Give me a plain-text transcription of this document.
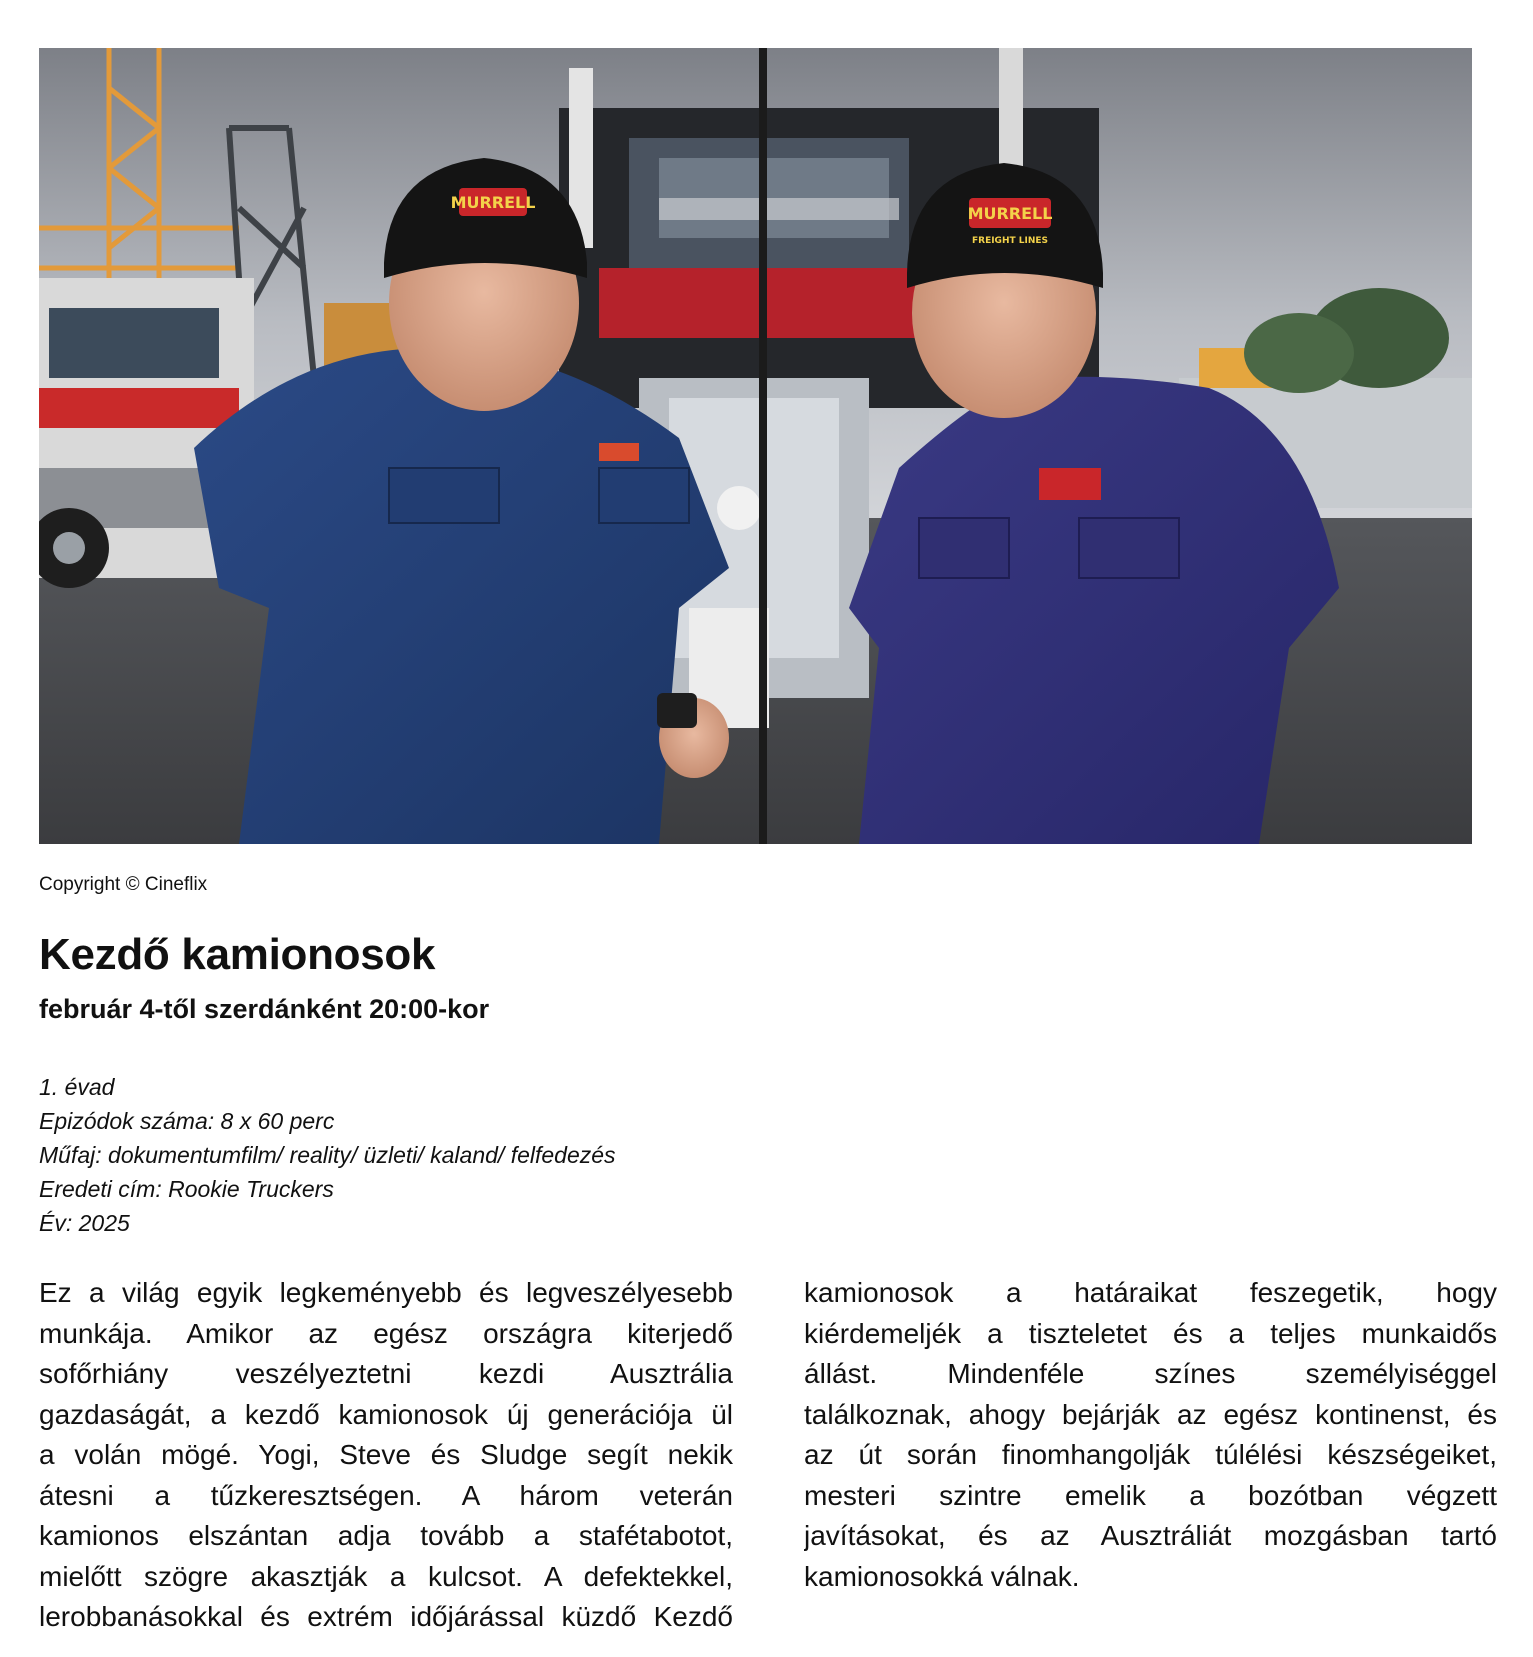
MURRELL
MURRELL
FREIGHT LINES
Copyright © Cineflix
Kezdő kamionosok
február 4-től szerdánként 20:00-kor
1. évad
Epizódok száma: 8 x 60 perc
Műfaj: dokumentumfilm/ reality/ üzleti/ kaland/ felfedezés
Eredeti cím: Rookie Truckers
Év: 2025
Ez a világ egyik legkeményebb és legveszélyesebb
munkája. Amikor az egész országra kiterjedő
sofőrhiány veszélyeztetni kezdi Ausztrália
gazdaságát, a kezdő kamionosok új generációja ül
a volán mögé. Yogi, Steve és Sludge segít nekik
átesni a tűzkeresztségen. A három veterán
kamionos elszántan adja tovább a stafétabotot,
mielőtt szögre akasztják a kulcsot. A defektekkel,
lerobbanásokkal és extrém időjárással küzdő Kezdő
kamionosok a határaikat feszegetik, hogy
kiérdemeljék a tiszteletet és a teljes munkaidős
állást. Mindenféle színes személyiséggel
találkoznak, ahogy bejárják az egész kontinenst, és
az út során finomhangolják túlélési készségeiket,
mesteri szintre emelik a bozótban végzett
javításokat, és az Ausztráliát mozgásban tartó
kamionosokká válnak.
